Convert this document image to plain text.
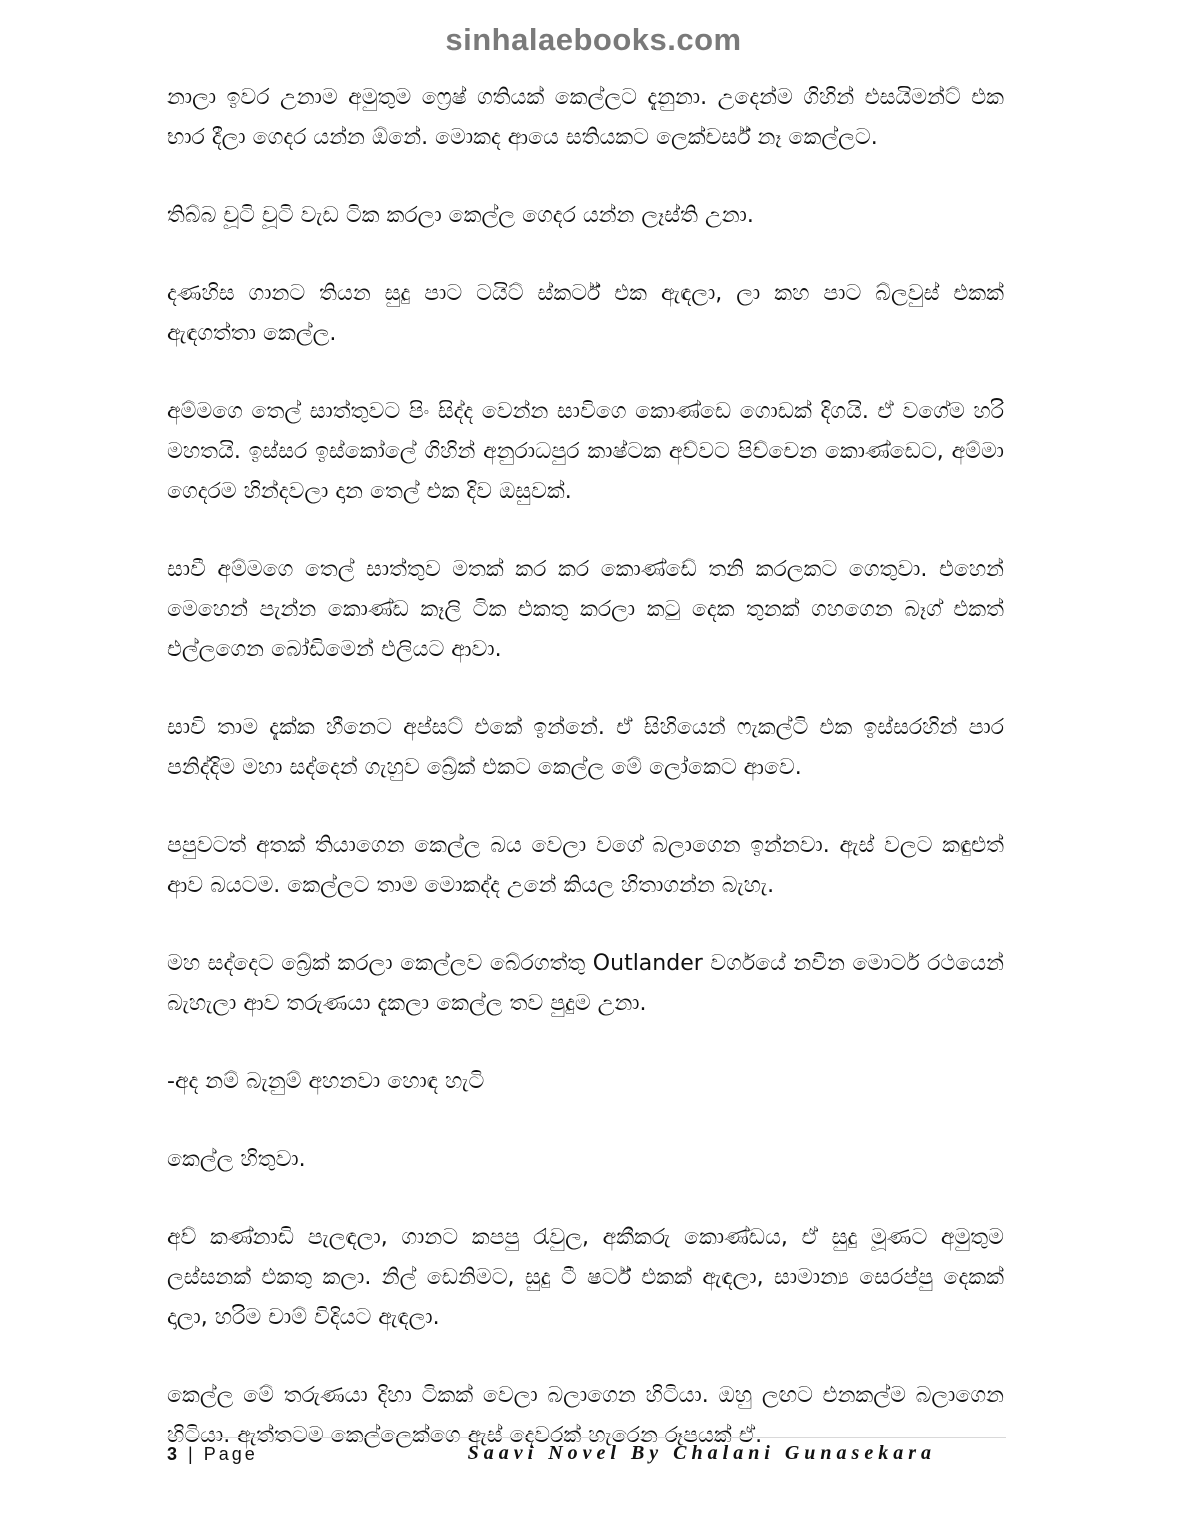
sinhalaebooks.com

නාලා ඉවර උනාම අමුතුම ෆ්‍රෙෂ් ගතියක් කෙල්ලට දැනුනා. උදෙන්ම ගිහින් එසයිමන්ට් එක භාර දීලා ගෙදර යන්න ඕනේ. මොකද ආයෙ සතියකට ලෙක්චර්ස් නෑ කෙල්ලට.

තිබ්බ චූටි චූටි වැඩ ටික කරලා කෙල්ල ගෙදර යන්න ලෑස්ති උනා.

දණහිස ගානට තියන සුදු පාට ටයිට් ස්කර්ට් එක ඇඳලා, ලා කහ පාට බ්ලවුස් එකක් ඇඳගත්තා කෙල්ල.

අම්මගෙ තෙල් සාත්තුවට පිං සිද්ද වෙන්න සාවිගෙ කොණ්ඩෙ ගොඩක් දිගයි. ඒ වගේම හරි මහතයි. ඉස්සර ඉස්කෝලේ ගිහින් අනුරාධපුර කාෂ්ටක අව්වට පිච්චෙන කොණ්ඩෙට, අම්මා ගෙදරම හින්දවලා දාන තෙල් එක දිව ඔසුවක්.

සාවී අම්මගෙ තෙල් සාත්තුව මතක් කර කර කොණ්ඩේ තනි කරලකට ගෙතුවා. එහෙන් මෙහෙන් පැන්න කොණ්ඩ කෑලි ටික එකතු කරලා කටු දෙක තුනක් ගහගෙන බෑග් එකත් එල්ලගෙන බෝඩිමෙන් එලියට ආවා.

සාවි තාම දැක්ක හීනෙට අප්සට් එකේ ඉන්නේ. ඒ සිහියෙන් ෆැකල්ටි එක ඉස්සරහින් පාර පනිද්දිම මහා සද්දෙන් ගැහුව බ්‍රේක් එකට කෙල්ල මේ ලෝකෙට ආවෙ.

පපුවටත් අතක් තියාගෙන කෙල්ල බය වෙලා වගේ බලාගෙන ඉන්නවා. ඇස් වලට කඳුළුත් ආව බයටම. කෙල්ලට තාම මොකද්ද උනේ කියල හිතාගන්න බැහැ.

මහ සද්දෙට බ්‍රේක් කරලා කෙල්ලව බේරගත්තු Outlander වර්ගයේ නවීන මොටර් රථයෙන් බැහැලා ආව තරුණයා දැකලා කෙල්ල තව පුදුම උනා.

-අද නම් බැනුම් අහනවා හොඳ හැටි

කෙල්ල හිතුවා.

අව් කණ්නාඩි පැලඳලා, ගානට කපපු රැවුල, අකීකරු කොණ්ඩය, ඒ සුදු මූණට අමුතුම ලස්සනක් එකතු කලා. නිල් ඩෙනිමට, සුදු ටී ෂර්ට් එකක් ඇඳලා, සාමාන්‍ය සෙරප්පු දෙකක් දාලා, හරිම චාම් විදියට ඇඳලා.

කෙල්ල මේ තරුණයා දිහා ටිකක් වෙලා බලාගෙන හිටියා. ඔහු ලඟට එනකල්ම බලාගෙන හිටියා. ඇත්තටම කෙල්ලෙක්ගෙ ඇස් දෙවරක් හැරෙන රූපයක් ඒ.

3 | Page	Saavi Novel By Chalani Gunasekara
